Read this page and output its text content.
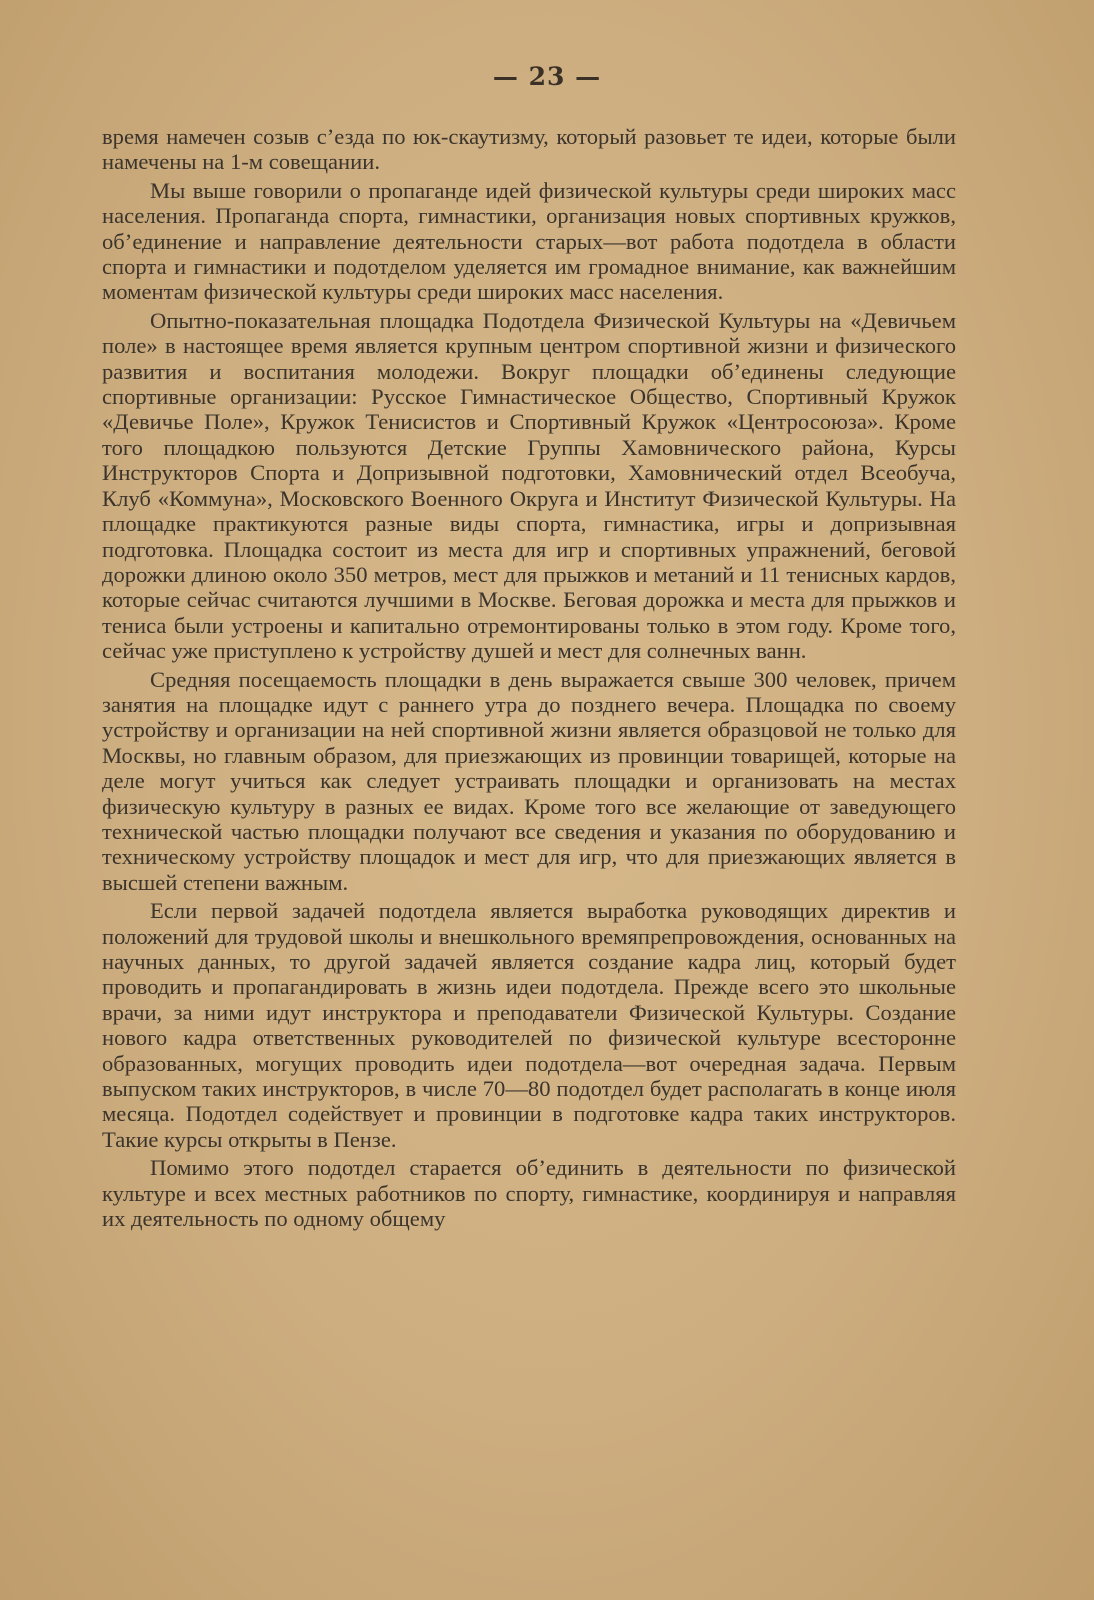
— 23 —

время намечен созыв с’езда по юк-скаутизму, который разовьет те идеи, которые были намечены на 1-м совещании.

Мы выше говорили о пропаганде идей физической культуры среди широких масс населения. Пропаганда спорта, гимнастики, организация новых спортивных кружков, об’единение и направление деятельности старых—вот работа подотдела в области спорта и гимнастики и подотделом уделяется им громадное внимание, как важнейшим моментам физической культуры среди широких масс населения.

Опытно-показательная площадка Подотдела Физической Культуры на «Девичьем поле» в настоящее время является крупным центром спортивной жизни и физического развития и воспитания молодежи. Вокруг площадки об’единены следующие спортивные организации: Русское Гимнастическое Общество, Спортивный Кружок «Девичье Поле», Кружок Тенисистов и Спортивный Кружок «Центросоюза». Кроме того площадкою пользуются Детские Группы Хамовнического района, Курсы Инструкторов Спорта и Допризывной подготовки, Хамовнический отдел Всеобуча, Клуб «Коммуна», Московского Военного Округа и Институт Физической Культуры. На площадке практикуются разные виды спорта, гимнастика, игры и допризывная подготовка. Площадка состоит из места для игр и спортивных упражнений, беговой дорожки длиною около 350 метров, мест для прыжков и метаний и 11 тенисных кардов, которые сейчас считаются лучшими в Москве. Беговая дорожка и места для прыжков и тениса были устроены и капитально отремонтированы только в этом году. Кроме того, сейчас уже приступлено к устройству душей и мест для солнечных ванн.

Средняя посещаемость площадки в день выражается свыше 300 человек, причем занятия на площадке идут с раннего утра до позднего вечера. Площадка по своему устройству и организации на ней спортивной жизни является образцовой не только для Москвы, но главным образом, для приезжающих из провинции товарищей, которые на деле могут учиться как следует устраивать площадки и организовать на местах физическую культуру в разных ее видах. Кроме того все желающие от заведующего технической частью площадки получают все сведения и указания по оборудованию и техническому устройству площадок и мест для игр, что для приезжающих является в высшей степени важным.

Если первой задачей подотдела является выработка руководящих директив и положений для трудовой школы и внешкольного времяпрепровождения, основанных на научных данных, то другой задачей является создание кадра лиц, который будет проводить и пропагандировать в жизнь идеи подотдела. Прежде всего это школьные врачи, за ними идут инструктора и преподаватели Физической Культуры. Создание нового кадра ответственных руководителей по физической культуре всесторонне образованных, могущих проводить идеи подотдела—вот очередная задача. Первым выпуском таких инструкторов, в числе 70—80 подотдел будет располагать в конце июля месяца. Подотдел содействует и провинции в подготовке кадра таких инструкторов. Такие курсы открыты в Пензе.

Помимо этого подотдел старается об’единить в деятельности по физической культуре и всех местных работников по спорту, гимнастике, координируя и направляя их деятельность по одному общему
